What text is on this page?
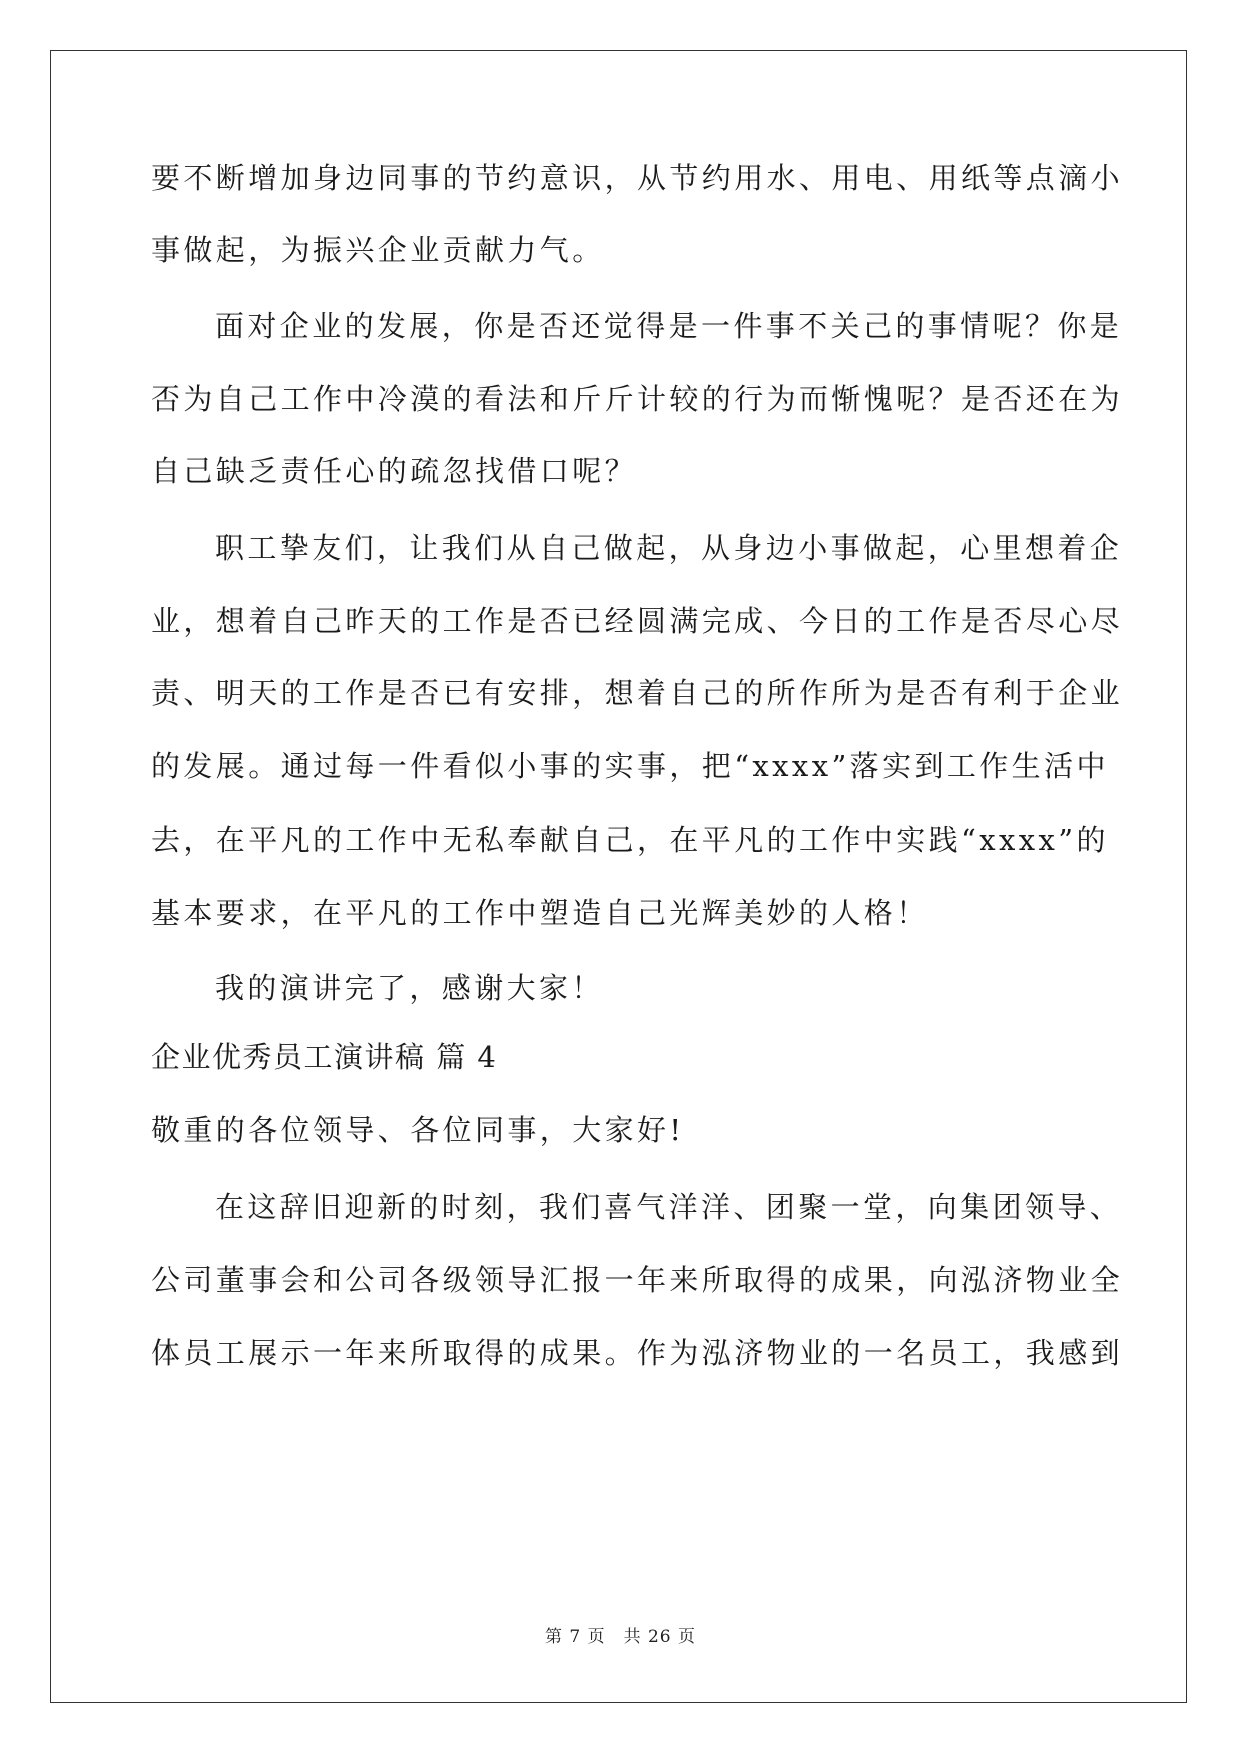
要不断增加身边同事的节约意识，从节约用水、用电、用纸等点滴小
事做起，为振兴企业贡献力气。
面对企业的发展，你是否还觉得是一件事不关己的事情呢？你是
否为自己工作中冷漠的看法和斤斤计较的行为而惭愧呢？是否还在为
自己缺乏责任心的疏忽找借口呢？
职工挚友们，让我们从自己做起，从身边小事做起，心里想着企
业，想着自己昨天的工作是否已经圆满完成、今日的工作是否尽心尽
责、明天的工作是否已有安排，想着自己的所作所为是否有利于企业
的发展。通过每一件看似小事的实事，把“xxxx”落实到工作生活中
去，在平凡的工作中无私奉献自己，在平凡的工作中实践“xxxx”的
基本要求，在平凡的工作中塑造自己光辉美妙的人格！
我的演讲完了，感谢大家！
企业优秀员工演讲稿 篇 4
敬重的各位领导、各位同事，大家好!
在这辞旧迎新的时刻，我们喜气洋洋、团聚一堂，向集团领导、
公司董事会和公司各级领导汇报一年来所取得的成果，向泓济物业全
体员工展示一年来所取得的成果。作为泓济物业的一名员工，我感到
第 7 页　共 26 页
